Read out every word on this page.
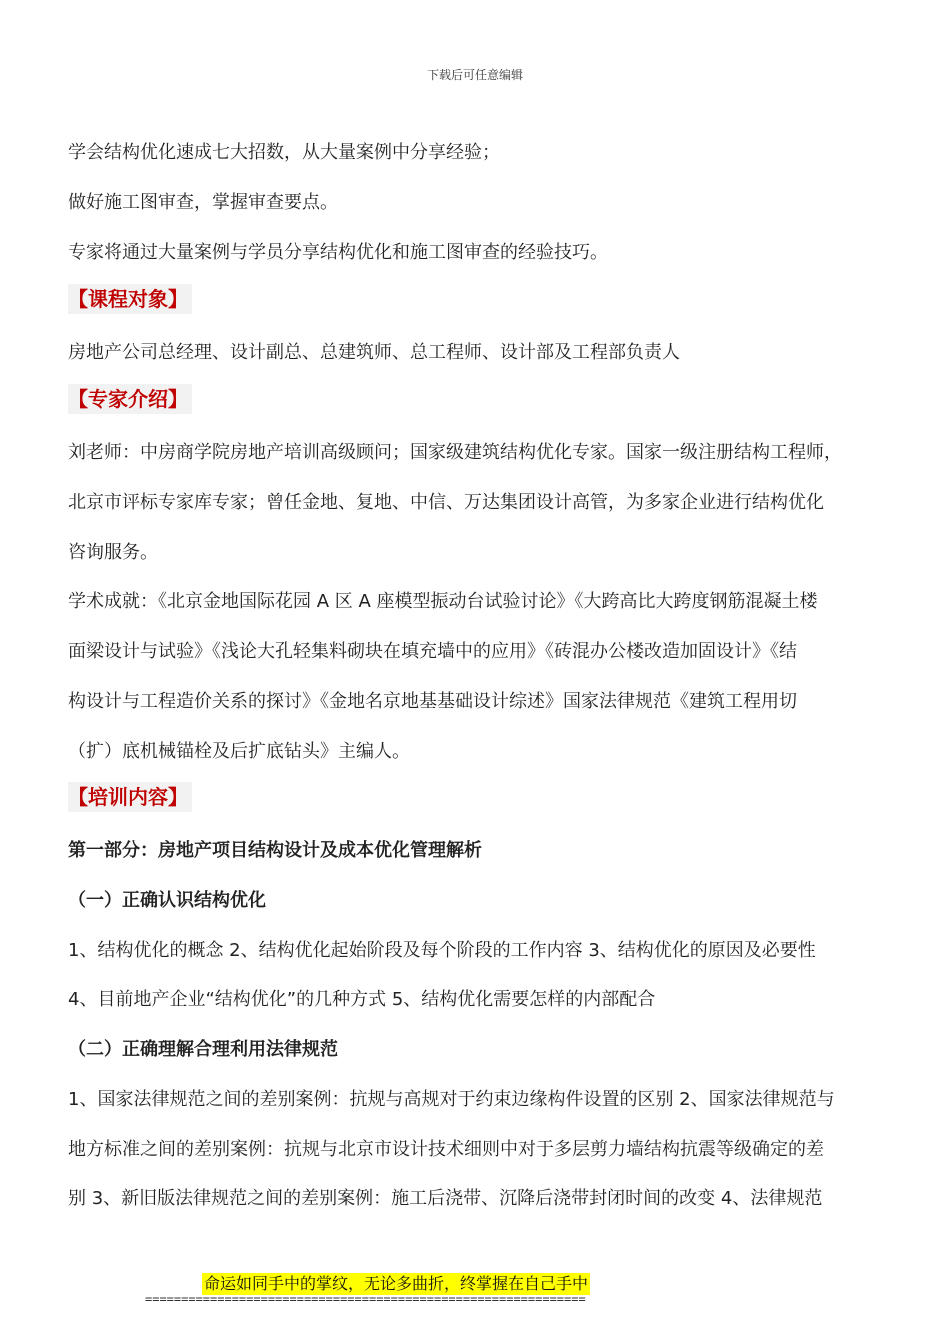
下载后可任意编辑
学会结构优化速成七大招数，从大量案例中分享经验；
做好施工图审查，掌握审查要点。
专家将通过大量案例与学员分享结构优化和施工图审查的经验技巧。
【课程对象】
房地产公司总经理、设计副总、总建筑师、总工程师、设计部及工程部负责人
【专家介绍】
刘老师：中房商学院房地产培训高级顾问；国家级建筑结构优化专家。国家一级注册结构工程师，
北京市评标专家库专家；曾任金地、复地、中信、万达集团设计高管，为多家企业进行结构优化
咨询服务。
学术成就：《北京金地国际花园 A 区 A 座模型振动台试验讨论》《大跨高比大跨度钢筋混凝土楼
面梁设计与试验》《浅论大孔轻集料砌块在填充墙中的应用》《砖混办公楼改造加固设计》《结
构设计与工程造价关系的探讨》《金地名京地基基础设计综述》国家法律规范《建筑工程用切
（扩）底机械锚栓及后扩底钻头》主编人。
【培训内容】
第一部分：房地产项目结构设计及成本优化管理解析
（一）正确认识结构优化
1、结构优化的概念 2、结构优化起始阶段及每个阶段的工作内容 3、结构优化的原因及必要性
4、目前地产企业“结构优化”的几种方式 5、结构优化需要怎样的内部配合
（二）正确理解合理利用法律规范
1、国家法律规范之间的差别案例：抗规与高规对于约束边缘构件设置的区别 2、国家法律规范与
地方标准之间的差别案例：抗规与北京市设计技术细则中对于多层剪力墙结构抗震等级确定的差
别 3、新旧版法律规范之间的差别案例：施工后浇带、沉降后浇带封闭时间的改变 4、法律规范
命运如同手中的掌纹，无论多曲折，终掌握在自己手中
=============================================================
